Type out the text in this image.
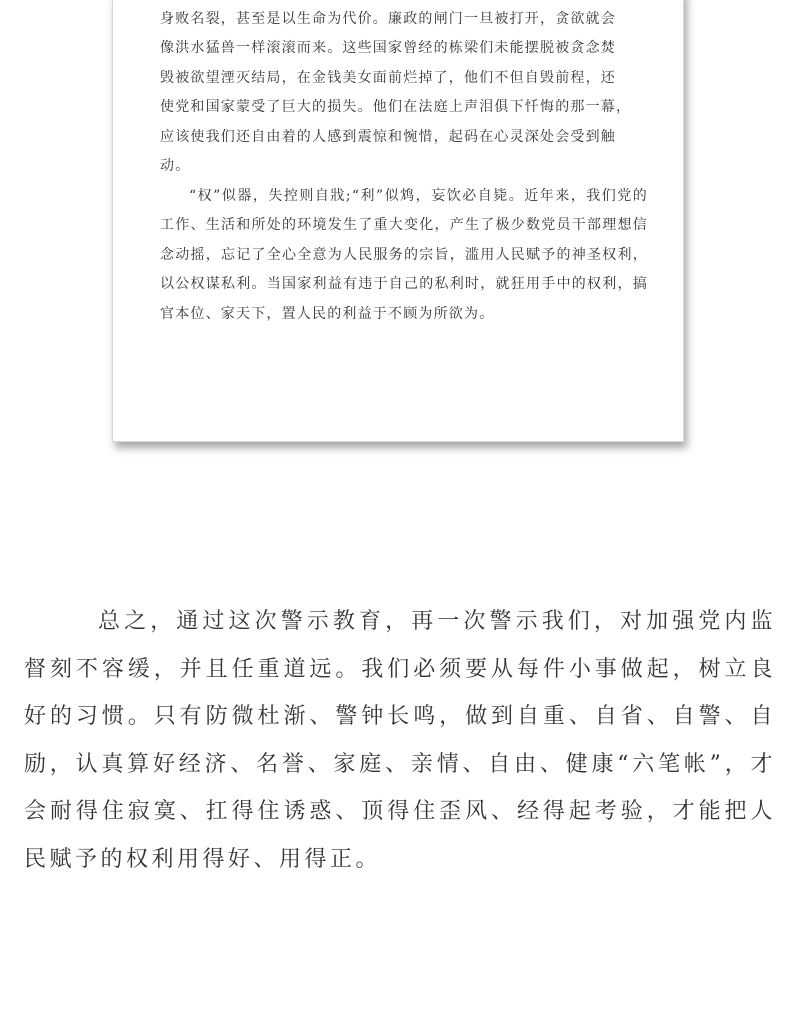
身败名裂，甚至是以生命为代价。廉政的闸门一旦被打开，贪欲就会

像洪水猛兽一样滚滚而来。这些国家曾经的栋梁们未能摆脱被贪念焚

毁被欲望湮灭结局，在金钱美女面前烂掉了，他们不但自毁前程，还

使党和国家蒙受了巨大的损失。他们在法庭上声泪俱下忏悔的那一幕，

应该使我们还自由着的人感到震惊和惋惜，起码在心灵深处会受到触

动。

“权”似器，失控则自戕;“利”似鸩，妄饮必自毙。近年来，我们党的工作、生活和所处的环境发生了重大变化，产生了极少数党员干部理想信念动摇，忘记了全心全意为人民服务的宗旨，滥用人民赋予的神圣权利，以公权谋私利。当国家利益有违于自己的私利时，就狂用手中的权利，搞官本位、家天下，置人民的利益于不顾为所欲为。

总之，通过这次警示教育，再一次警示我们，对加强党内监督刻不容缓，并且任重道远。我们必须要从每件小事做起，树立良好的习惯。只有防微杜渐、警钟长鸣，做到自重、自省、自警、自励，认真算好经济、名誉、家庭、亲情、自由、健康“六笔帐”，才会耐得住寂寞、扛得住诱惑、顶得住歪风、经得起考验，才能把人民赋予的权利用得好、用得正。
